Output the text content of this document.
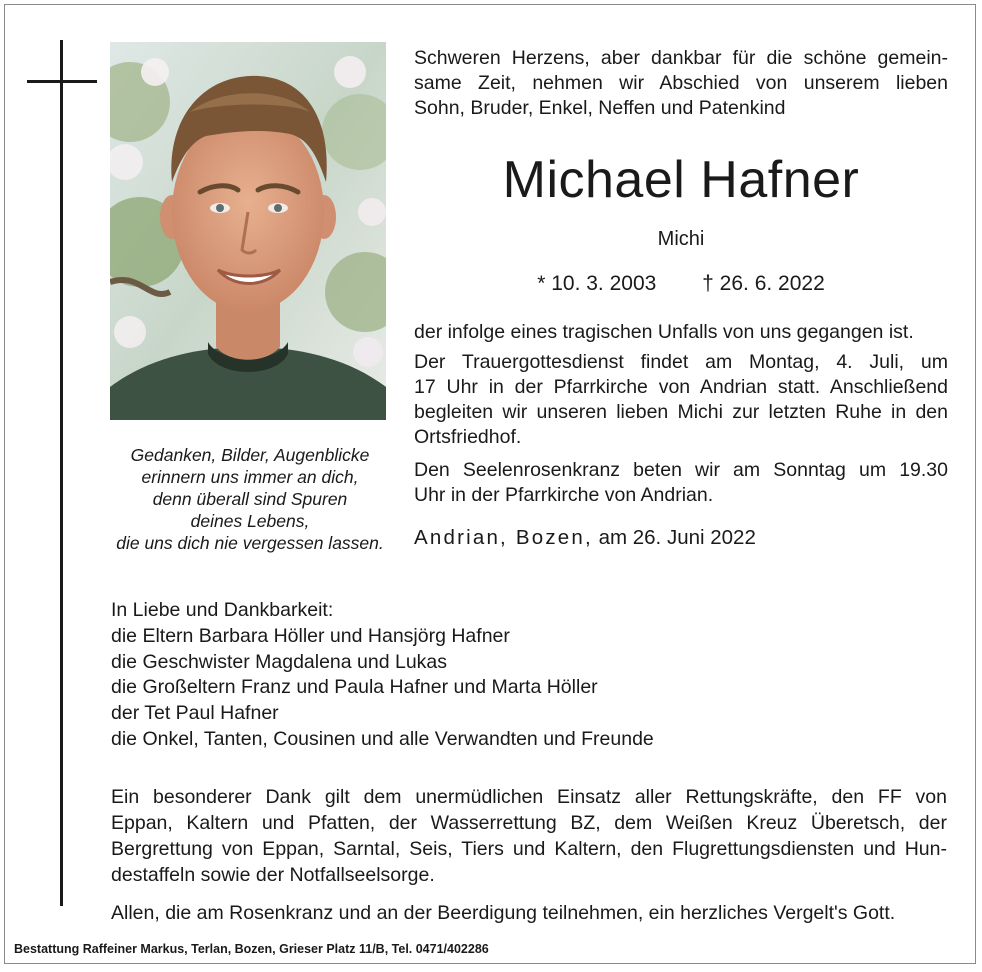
Gedanken, Bilder, Augenblicke
erinnern uns immer an dich,
denn überall sind Spuren
deines Lebens,
die uns dich nie vergessen lassen.
Schweren Herzens, aber dankbar für die schöne gemein-
same Zeit, nehmen wir Abschied von unserem lieben
Sohn, Bruder, Enkel, Neffen und Patenkind
Michael Hafner
Michi
* 10. 3. 2003 † 26. 6. 2022
der infolge eines tragischen Unfalls von uns gegangen ist.
Der Trauergottesdienst findet am Montag, 4. Juli, um
17 Uhr in der Pfarrkirche von Andrian statt. Anschließend
begleiten wir unseren lieben Michi zur letzten Ruhe in den
Ortsfriedhof.
Den Seelenrosenkranz beten wir am Sonntag um 19.30
Uhr in der Pfarrkirche von Andrian.
Andrian, Bozen, am 26. Juni 2022
In Liebe und Dankbarkeit:
die Eltern Barbara Höller und Hansjörg Hafner
die Geschwister Magdalena und Lukas
die Großeltern Franz und Paula Hafner und Marta Höller
der Tet Paul Hafner
die Onkel, Tanten, Cousinen und alle Verwandten und Freunde
Ein besonderer Dank gilt dem unermüdlichen Einsatz aller Rettungskräfte, den FF von
Eppan, Kaltern und Pfatten, der Wasserrettung BZ, dem Weißen Kreuz Überetsch, der
Bergrettung von Eppan, Sarntal, Seis, Tiers und Kaltern, den Flugrettungsdiensten und Hun-
destaffeln sowie der Notfallseelsorge.
Allen, die am Rosenkranz und an der Beerdigung teilnehmen, ein herzliches Vergelt's Gott.
Bestattung Raffeiner Markus, Terlan, Bozen, Grieser Platz 11/B, Tel. 0471/402286
